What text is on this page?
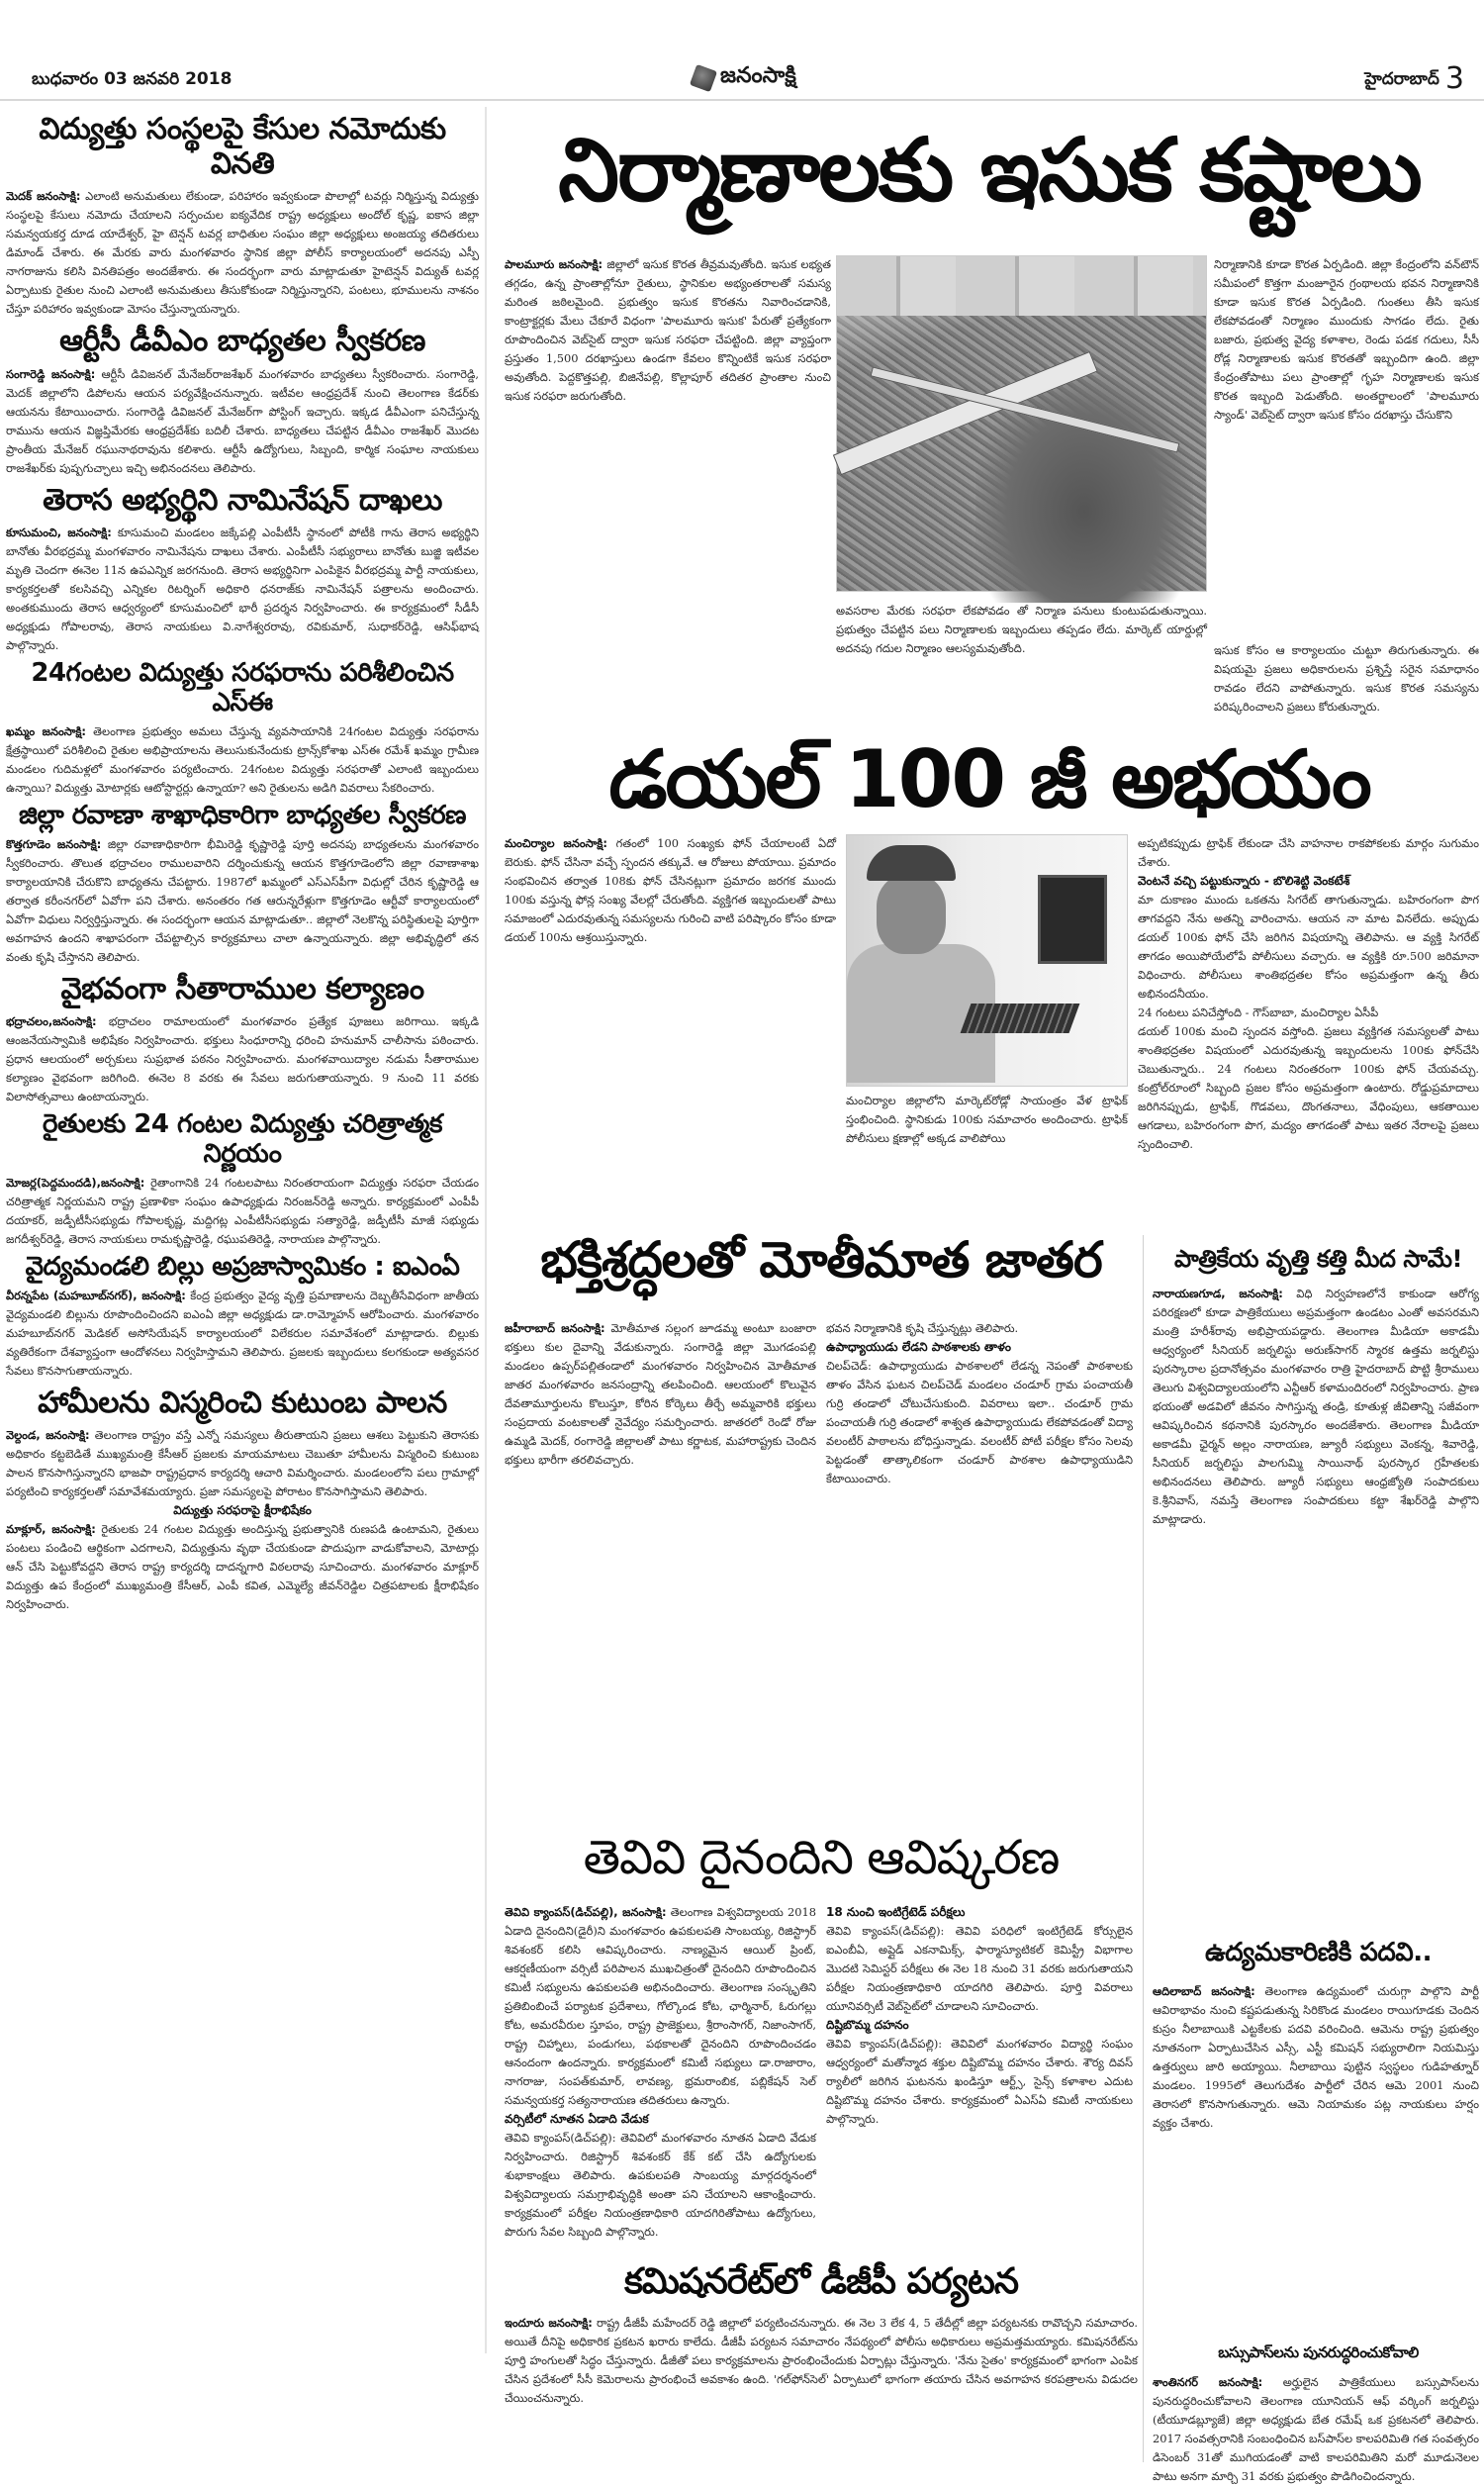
బుధవారం 03 జనవరి 2018	జనంసాక్షి	హైదరాబాద్ 3
విద్యుత్తు సంస్థలపై కేసుల నమోదుకు వినతి

మెదక్ జనంసాక్షి: ఎలాంటి అనుమతులు లేకుండా, పరిహారం ఇవ్వకుండా పొలాల్లో టవర్లు నిర్మిస్తున్న విద్యుత్తు సంస్థలపై కేసులు నమోదు చేయాలని సర్పంచుల ఐక్యవేదిక రాష్ట్ర అధ్యక్షులు అందోల్ కృష్ణ, ఐకాస జిల్లా సమన్వయకర్త దూడ యాదేశ్వర్, హై టెన్షన్ టవర్ల బాధితుల సంఘం జిల్లా అధ్యక్షులు అంజయ్య తదితరులు డిమాండ్ చేశారు. ఈ మేరకు వారు మంగళవారం స్థానిక జిల్లా పోలీస్ కార్యాలయంలో అదనపు ఎస్పీ నాగరాజును కలిసి వినతిపత్రం అందజేశారు. ఈ సందర్భంగా వారు మాట్లాడుతూ హైటెన్షన్ విద్యుత్ టవర్ల ఏర్పాటుకు రైతుల నుంచి ఎలాంటి అనుమతులు తీసుకోకుండా నిర్మిస్తున్నారని, పంటలు, భూములను నాశనం చేస్తూ పరిహారం ఇవ్వకుండా మోసం చేస్తున్నాయన్నారు.

ఆర్టీసీ డీవీఎం బాధ్యతల స్వీకరణ

సంగారెడ్డి జనంసాక్షి: ఆర్టీసీ డివిజనల్ మేనేజర్‌రాజశేఖర్ మంగళవారం బాధ్యతలు స్వీకరించారు. సంగారెడ్డి, మెదక్ జిల్లాలోని డిపోలను ఆయన పర్యవేక్షించనున్నారు. ఇటీవల ఆంధ్రప్రదేశ్ నుంచి తెలంగాణ కేడర్‌కు ఆయనను కేటాయించారు. సంగారెడ్డి డివిజనల్ మేనేజర్‌గా పోస్టింగ్ ఇచ్చారు. ఇక్కడ డీవీఎంగా పనిచేస్తున్న రామును ఆయన విజ్ఞప్తిమేరకు ఆంధ్రప్రదేశ్‌కు బదిలీ చేశారు. బాధ్యతలు చేపట్టిన డీవీఎం రాజశేఖర్ మొదట ప్రాంతీయ మేనేజర్ రఘునాథరావును కలిశారు. ఆర్టీసీ ఉద్యోగులు, సిబ్బంది, కార్మిక సంఘాల నాయకులు రాజశేఖర్‌కు పుష్పగుచ్ఛాలు ఇచ్చి అభినందనలు తెలిపారు.

తెరాస అభ్యర్థిని నామినేషన్ దాఖలు

కూసుమంచి, జనంసాక్షి: కూసుమంచి మండలం జక్కేపల్లి ఎంపీటీసీ స్థానంలో పోటీకి గాను తెరాస అభ్యర్థిని బానోతు వీరభద్రమ్మ మంగళవారం నామినేషను దాఖలు చేశారు. ఎంపీటీసీ సభ్యురాలు బానోతు బుజ్జి ఇటీవల మృతి చెందగా ఈనెల 11న ఉపఎన్నిక జరగనుంది. తెరాస అభ్యర్థినిగా ఎంపికైన వీరభద్రమ్మ పార్టీ నాయకులు, కార్యకర్తలతో కలసివచ్చి ఎన్నికల రిటర్నింగ్ అధికారి ధనరాజ్‌కు నామినేషన్ పత్రాలను అందించారు. అంతకుముందు తెరాస ఆధ్వర్యంలో కూసుమంచిలో భారీ ప్రదర్శన నిర్వహించారు. ఈ కార్యక్రమంలో సీడీసీ అధ్యక్షుడు గోపాలరావు, తెరాస నాయకులు వి.నాగేశ్వరరావు, రవికుమార్, సుధాకర్‌రెడ్డి, ఆసిఫ్‌భాష పాల్గొన్నారు.

24గంటల విద్యుత్తు సరఫరాను పరిశీలించిన ఎస్‌ఈ

ఖమ్మం జనంసాక్షి: తెలంగాణ ప్రభుత్వం అమలు చేస్తున్న వ్యవసాయానికి 24గంటల విద్యుత్తు సరఫరాను క్షేత్రస్థాయిలో పరిశీలించి రైతుల అభిప్రాయాలను తెలుసుకునేందుకు ట్రాన్స్‌కోశాఖ ఎస్‌ఈ రమేశ్ ఖమ్మం గ్రామీణ మండలం గుదిమళ్లలో మంగళవారం పర్యటించారు. 24గంటల విద్యుత్తు సరఫరాతో ఎలాంటి ఇబ్బందులు ఉన్నాయి? విద్యుత్తు మోటార్లకు ఆటోస్టార్టర్లు ఉన్నాయా? అని రైతులను అడిగి వివరాలు సేకరించారు.

జిల్లా రవాణా శాఖాధికారిగా బాధ్యతల స్వీకరణ

కొత్తగూడెం జనంసాక్షి: జిల్లా రవాణాధికారిగా భీమిరెడ్డి కృష్ణారెడ్డి పూర్తి అదనపు బాధ్యతలను మంగళవారం స్వీకరించారు. తొలుత భద్రాచలం రాములవారిని దర్శించుకున్న ఆయన కొత్తగూడెంలోని జిల్లా రవాణాశాఖ కార్యాలయానికి చేరుకొని బాధ్యతను చేపట్టారు. 1987లో ఖమ్మంలో ఎస్‌ఎస్‌పీగా విధుల్లో చేరిన కృష్ణారెడ్డి ఆ తర్వాత కరీంనగర్‌లో ఏవోగా పని చేశారు. అనంతరం గత ఆరున్నరేళ్లుగా కొత్తగూడెం ఆర్టీవో కార్యాలయంలో ఏవోగా విధులు నిర్వర్తిస్తున్నారు. ఈ సందర్భంగా ఆయన మాట్లాడుతూ.. జిల్లాలో నెలకొన్న పరిస్థితులపై పూర్తిగా అవగాహన ఉందని శాఖాపరంగా చేపట్టాల్సిన కార్యక్రమాలు చాలా ఉన్నాయన్నారు. జిల్లా అభివృద్ధిలో తన వంతు కృషి చేస్తానని తెలిపారు.

వైభవంగా సీతారాముల కల్యాణం

భద్రాచలం,జనంసాక్షి: భద్రాచలం రామాలయంలో మంగళవారం ప్రత్యేక పూజలు జరిగాయి. ఇక్కడి ఆంజనేయస్వామికి అభిషేకం నిర్వహించారు. భక్తులు సింధూరాన్ని ధరించి హనుమాన్ చాలీసాను పఠించారు. ప్రధాన ఆలయంలో అర్చకులు సుప్రభాత పఠనం నిర్వహించారు. మంగళవాయిద్యాల నడుమ సీతారాముల కల్యాణం వైభవంగా జరిగింది. ఈనెల 8 వరకు ఈ సేవలు జరుగుతాయన్నారు. 9 నుంచి 11 వరకు విలాసోత్సవాలు ఉంటాయన్నారు.

రైతులకు 24 గంటల విద్యుత్తు చరిత్రాత్మక నిర్ణయం

మోజర్ల(పెద్దమందడి),జనంసాక్షి: రైతాంగానికి 24 గంటలపాటు నిరంతరాయంగా విద్యుత్తు సరఫరా చేయడం చరిత్రాత్మక నిర్ణయమని రాష్ట్ర ప్రణాళికా సంఘం ఉపాధ్యక్షుడు నిరంజన్‌రెడ్డి అన్నారు. కార్యక్రమంలో ఎంపీపీ దయాకర్, జడ్పీటీసీసభ్యుడు గోపాలకృష్ణ, మద్దిగట్ల ఎంపీటీసీసభ్యుడు సత్యారెడ్డి, జడ్పీటీసీ మాజీ సభ్యుడు జగదీశ్వర్‌రెడ్డి, తెరాస నాయకులు రామకృష్ణారెడ్డి, రఘుపతిరెడ్డి, నారాయణ పాల్గొన్నారు.

వైద్యమండలి బిల్లు అప్రజాస్వామికం : ఐఎంఏ

వీరన్నపేట (మహబూబ్‌నగర్), జనంసాక్షి: కేంద్ర ప్రభుత్వం వైద్య వృత్తి ప్రమాణాలను దెబ్బతీసేవిధంగా జాతీయ వైద్యమండలి బిల్లును రూపొందించిందని ఐఎంఏ జిల్లా అధ్యక్షుడు డా.రామ్మోహన్ ఆరోపించారు. మంగళవారం మహబూబ్‌నగర్ మెడికల్ అసోసియేషన్ కార్యాలయంలో విలేకరుల సమావేశంలో మాట్లాడారు. బిల్లుకు వ్యతిరేకంగా దేశవ్యాప్తంగా ఆందోళనలు నిర్వహిస్తామని తెలిపారు. ప్రజలకు ఇబ్బందులు కలగకుండా అత్యవసర సేవలు కొనసాగుతాయన్నారు.

హామీలను విస్మరించి కుటుంబ పాలన

వెల్దండ, జనంసాక్షి: తెలంగాణ రాష్ట్రం వస్తే ఎన్నో సమస్యలు తీరుతాయని ప్రజలు ఆశలు పెట్టుకుని తెరాసకు అధికారం కట్టబెడితే ముఖ్యమంత్రి కేసీఆర్ ప్రజలకు మాయమాటలు చెబుతూ హామీలను విస్మరించి కుటుంబ పాలన కొనసాగిస్తున్నారని భాజపా రాష్ట్రప్రధాన కార్యదర్శి ఆచారి విమర్శించారు. మండలంలోని పలు గ్రామాల్లో పర్యటించి కార్యకర్తలతో సమావేశమయ్యారు. ప్రజా సమస్యలపై పోరాటం కొనసాగిస్తామని తెలిపారు.

విద్యుత్తు సరఫరాపై క్షీరాభిషేకం

మాక్లూర్, జనంసాక్షి: రైతులకు 24 గంటల విద్యుత్తు అందిస్తున్న ప్రభుత్వానికి రుణపడి ఉంటామని, రైతులు పంటలు పండించి ఆర్థికంగా ఎదగాలని, విద్యుత్తును వృథా చేయకుండా పొదుపుగా వాడుకోవాలని, మోటార్లు ఆన్ చేసి పెట్టుకోవద్దని తెరాస రాష్ట్ర కార్యదర్శి దాదన్నగారి విఠలరావు సూచించారు. మంగళవారం మాక్లూర్ విద్యుత్తు ఉప కేంద్రంలో ముఖ్యమంత్రి కేసీఆర్, ఎంపీ కవిత, ఎమ్మెల్యే జీవన్‌రెడ్డిల చిత్రపటాలకు క్షీరాభిషేకం నిర్వహించారు.

నిర్మాణాలకు ఇసుక కష్టాలు

పాలమూరు జనంసాక్షి: జిల్లాలో ఇసుక కొరత తీవ్రమవుతోంది. ఇసుక లభ్యత తగ్గడం, ఉన్న ప్రాంతాల్లోనూ రైతులు, స్థానికుల అభ్యంతరాలతో సమస్య మరింత జఠిలమైంది. ప్రభుత్వం ఇసుక కొరతను నివారించడానికి, కాంట్రాక్టర్లకు మేలు చేకూరే విధంగా 'పాలమూరు ఇసుక' పేరుతో ప్రత్యేకంగా రూపొందించిన వెబ్‌సైట్‌ ద్వారా ఇసుక సరఫరా చేపట్టింది. జిల్లా వ్యాప్తంగా ప్రస్తుతం 1,500 దరఖాస్తులు ఉండగా కేవలం కొన్నింటికే ఇసుక సరఫరా అవుతోంది. పెద్దకొత్తపల్లి, బిజినేపల్లి, కొల్లాపూర్ తదితర ప్రాంతాల నుంచి ఇసుక సరఫరా జరుగుతోంది.

నిర్మాణానికి కూడా కొరత ఏర్పడింది. జిల్లా కేంద్రంలోని వన్‌టౌన్ సమీపంలో కొత్తగా మంజూరైన గ్రంథాలయ భవన నిర్మాణానికి కూడా ఇసుక కొరత ఏర్పడింది. గుంతలు తీసి ఇసుక లేకపోవడంతో నిర్మాణం ముందుకు సాగడం లేదు. రైతు బజారు, ప్రభుత్వ వైద్య కళాశాల, రెండు పడక గదులు, సీసీ రోడ్ల నిర్మాణాలకు ఇసుక కొరతతో ఇబ్బందిగా ఉంది. జిల్లా కేంద్రంతోపాటు పలు ప్రాంతాల్లో గృహ నిర్మాణాలకు ఇసుక కొరత ఇబ్బంది పెడుతోంది. అంతర్జాలంలో 'పాలమూరు స్యాండ్' వెబ్‌సైట్ ద్వారా ఇసుక కోసం దరఖాస్తు చేసుకొని

అవసరాల మేరకు సరఫరా లేకపోవడం తో నిర్మాణ పనులు కుంటుపడుతున్నాయి. ప్రభుత్వం చేపట్టిన పలు నిర్మాణాలకు ఇబ్బందులు తప్పడం లేదు. మార్కెట్ యార్డుల్లో అదనపు గదుల నిర్మాణం ఆలస్యమవుతోంది.	ఇసుక కోసం ఆ కార్యాలయం చుట్టూ తిరుగుతున్నారు. ఈ విషయమై ప్రజలు అధికారులను ప్రశ్నిస్తే సరైన సమాధానం రావడం లేదని వాపోతున్నారు. ఇసుక కొరత సమస్యను పరిష్కరించాలని ప్రజలు కోరుతున్నారు.

డయల్ 100 జీ అభయం

మంచిర్యాల జనంసాక్షి: గతంలో 100 సంఖ్యకు ఫోన్ చేయాలంటే ఏదో బెరుకు. ఫోన్ చేసినా వచ్చే స్పందన తక్కువే. ఆ రోజులు పోయాయి. ప్రమాదం సంభవించిన తర్వాత 108కు ఫోన్ చేసినట్లుగా ప్రమాదం జరగక ముందు 100కు వస్తున్న ఫోన్ల సంఖ్య వేలల్లో చేరుతోంది. వ్యక్తిగత ఇబ్బందులతో పాటు సమాజంలో ఎదురవుతున్న సమస్యలను గురించి వాటి పరిష్కారం కోసం కూడా డయల్ 100ను ఆశ్రయిస్తున్నారు.

మంచిర్యాల జిల్లాలోని మార్కెట్‌రోడ్లో సాయంత్రం వేళ ట్రాఫిక్ స్తంభించింది. స్థానికుడు 100కు సమాచారం అందించారు. ట్రాఫిక్ పోలీసులు క్షణాల్లో అక్కడ వాలిపోయి

అప్పటికప్పుడు ట్రాఫిక్ లేకుండా చేసి వాహనాల రాకపోకలకు మార్గం సుగుమం చేశారు.

వెంటనే వచ్చి పట్టుకున్నారు - బొలిశెట్టి వెంకటేశ్

మా దుకాణం ముందు ఒకతను సిగరేట్ తాగుతున్నాడు. బహిరంగంగా పొగ తాగవద్దని నేను అతన్ని వారించాను. ఆయన నా మాట వినలేదు. అప్పుడు డయల్ 100కు ఫోన్ చేసి జరిగిన విషయాన్ని తెలిపాను. ఆ వ్యక్తి సిగరేట్ తాగడం అయిపోయేలోపే పోలీసులు వచ్చారు. ఆ వ్యక్తికి రూ.500 జరిమానా విధించారు. పోలీసులు శాంతిభద్రతల కోసం అప్రమత్తంగా ఉన్న తీరు అభినందనీయం.

24 గంటలు పనిచేస్తోంది - గౌస్‌బాబా, మంచిర్యాల ఏసీపీ

డయల్ 100కు మంచి స్పందన వస్తోంది. ప్రజలు వ్యక్తిగత సమస్యలతో పాటు శాంతిభద్రతల విషయంలో ఎదురవుతున్న ఇబ్బందులను 100కు ఫోన్‌చేసి చెబుతున్నారు.. 24 గంటలు నిరంతరంగా 100కు ఫోన్ చేయవచ్చు. కంట్రోల్‌రూంలో సిబ్బంది ప్రజల కోసం అప్రమత్తంగా ఉంటారు. రోడ్డుప్రమాదాలు జరిగినప్పుడు, ట్రాఫిక్, గొడవలు, దొంగతనాలు, వేధింపులు, ఆకతాయిల ఆగడాలు, బహిరంగంగా పొగ, మద్యం తాగడంతో పాటు ఇతర నేరాలపై ప్రజలు స్పందించాలి.

భక్తిశ్రద్ధలతో మోతీమాత జాతర

జహీరాబాద్ జనంసాక్షి: మోతీమాత సల్లంగ జూడమ్మ అంటూ బంజారా భక్తులు కుల దైవాన్ని వేడుకున్నారు. సంగారెడ్డి జిల్లా మొగడంపల్లి మండలం ఉప్పర్‌పల్లితండాలో మంగళవారం నిర్వహించిన మోతీమాత జాతర మంగళవారం జనసంద్రాన్ని తలపించింది. ఆలయంలో కొలువైన దేవతామూర్తులను కొలుస్తూ, కోరిన కోర్కెలు తీర్చే అమ్మవారికి భక్తులు సంప్రదాయ వంటకాలతో నైవేద్యం సమర్పించారు. జాతరలో రెండో రోజు ఉమ్మడి మెదక్, రంగారెడ్డి జిల్లాలతో పాటు కర్ణాటక, మహారాష్ట్రకు చెందిన భక్తులు భారీగా తరలివచ్చారు.

భవన నిర్మాణానికి కృషి చేస్తున్నట్లు తెలిపారు.

ఉపాధ్యాయుడు లేడని పాఠశాలకు తాళం

చిలప్‌చెడ్: ఉపాధ్యాయుడు పాఠశాలలో లేడన్న నెపంతో పాఠశాలకు తాళం వేసిన ఘటన చిలప్‌చెడ్ మండలం చండూర్ గ్రామ పంచాయతీ గుర్రి తండాలో చోటుచేసుకుంది. వివరాలు ఇలా.. చండూర్ గ్రామ పంచాయతీ గుర్రి తండాలో శాశ్వత ఉపాధ్యాయుడు లేకపోవడంతో విద్యా వలంటీర్ పాఠాలను బోధిస్తున్నాడు. వలంటీర్ పోటీ పరీక్షల కోసం సెలవు పెట్టడంతో తాత్కాలికంగా చండూర్ పాఠశాల ఉపాధ్యాయుడిని కేటాయించారు.

పాత్రికేయ వృత్తి కత్తి మీద సామే!

నారాయణగూడ, జనంసాక్షి: విధి నిర్వహణలోనే కాకుండా ఆరోగ్య పరిరక్షణలో కూడా పాత్రికేయులు అప్రమత్తంగా ఉండటం ఎంతో అవసరమని మంత్రి హరీశ్‌రావు అభిప్రాయపడ్డారు. తెలంగాణ మీడియా అకాడమీ ఆధ్వర్యంలో సీనియర్ జర్నలిస్టు అరుణ్‌సాగర్ స్మారక ఉత్తమ జర్నలిస్టు పురస్కారాల ప్రదానోత్సవం మంగళవారం రాత్రి హైదరాబాద్ పొట్టి శ్రీరాములు తెలుగు విశ్వవిద్యాలయంలోని ఎన్టీఆర్ కళామందిరంలో నిర్వహించారు. ప్రాణ భయంతో అడవిలో జీవనం సాగిస్తున్న తండ్రి, కూతుళ్ల జీవితాన్ని సజీవంగా ఆవిష్కరించిన కథనానికి పురస్కారం అందజేశారు. తెలంగాణ మీడియా అకాడమీ ఛైర్మన్ అల్లం నారాయణ, జ్యూరీ సభ్యులు వెంకన్న, శివారెడ్డి, సీనియర్ జర్నలిస్టు పాలగుమ్మి సాయినాథ్ పురస్కార గ్రహీతలకు అభినందనలు తెలిపారు. జ్యూరీ సభ్యులు ఆంధ్రజ్యోతి సంపాదకులు కె.శ్రీనివాస్, నమస్తే తెలంగాణ సంపాదకులు కట్టా శేఖర్‌రెడ్డి పాల్గొని మాట్లాడారు.

ఉద్యమకారిణికి పదవి..

ఆదిలాబాద్ జనంసాక్షి: తెలంగాణ ఉద్యమంలో చురుగ్గా పాల్గొని పార్టీ ఆవిరాభావం నుంచి కష్టపడుతున్న సిరికొండ మండలం రాయిగూడకు చెందిన కుస్రం నీలాబాయికి ఎట్టకేలకు పదవి వరించింది. ఆమెను రాష్ట్ర ప్రభుత్వం నూతనంగా ఏర్పాటుచేసిన ఎస్సీ, ఎస్టీ కమిషన్ సభ్యురాలిగా నియమిస్తు ఉత్తర్వులు జారి అయ్యాయి. నీలాబాయి పుట్టిన స్వస్థలం గుడిహత్నూర్ మండలం. 1995లో తెలుగుదేశం పార్టీలో చేరిన ఆమె 2001 నుంచి తెరాసలో కొనసాగుతున్నారు. ఆమె నియామకం పట్ల నాయకులు హర్షం వ్యక్తం చేశారు.

తెవివి దైనందిని ఆవిష్కరణ

తెవివి క్యాంపస్(డిచ్‌పల్లి), జనంసాక్షి: తెలంగాణ విశ్వవిద్యాలయ 2018 ఏడాది దైనందిని(డైరీ)ని మంగళవారం ఉపకులపతి సాంబయ్య, రిజిస్ట్రార్ శివశంకర్ కలిసి ఆవిష్కరించారు. నాణ్యమైన ఆయిల్ ప్రింట్, ఆకర్షణీయంగా వర్సిటీ పరిపాలన ముఖచిత్రంతో దైనందిని రూపొందించిన కమిటీ సభ్యులను ఉపకులపతి అభినందించారు. తెలంగాణ సంస్కృతిని ప్రతిబింబించే పర్యాటక ప్రదేశాలు, గోల్కొండ కోట, ఛార్మినార్, ఓరుగల్లు కోట, అమరవీరుల స్తూపం, రాష్ట్ర ప్రాజెక్టులు, శ్రీరాంసాగర్, నిజాంసాగర్, రాష్ట్ర చిహ్నాలు, పండుగలు, పథకాలతో దైనందిని రూపొందించడం ఆనందంగా ఉందన్నారు. కార్యక్రమంలో కమిటీ సభ్యులు డా.రాజారాం, నాగరాజు, సంపత్‌కుమార్, లావణ్య, భ్రమరాంబిక, పబ్లికేషన్ సెల్ సమన్వయకర్త సత్యనారాయణ తదితరులు ఉన్నారు.

వర్సిటీలో నూతన ఏడాది వేడుక

తెవివి క్యాంపస్(డిచ్‌పల్లి): తెవివిలో మంగళవారం నూతన ఏడాది వేడుక నిర్వహించారు. రిజిస్ట్రార్ శివశంకర్ కేక్ కట్ చేసి ఉద్యోగులకు శుభాకాంక్షలు తెలిపారు. ఉపకులపతి సాంబయ్య మార్గదర్శనంలో విశ్వవిద్యాలయ సమగ్రాభివృద్ధికి అంతా పని చేయాలని ఆకాంక్షించారు. కార్యక్రమంలో పరీక్షల నియంత్రణాధికారి యాదగిరితోపాటు ఉద్యోగులు, పొరుగు సేవల సిబ్బంది పాల్గొన్నారు.

18 నుంచి ఇంటిగ్రేటెడ్ పరీక్షలు

తెవివి క్యాంపస్(డిచ్‌పల్లి): తెవివి పరిధిలో ఇంటిగ్రేటెడ్ కోర్సులైన ఐఎంబీఏ, అప్లైడ్ ఎకనామిక్స్, ఫార్మాస్యూటికల్ కెమిస్ట్రీ విభాగాల మొదటి సెమిస్టర్ పరీక్షలు ఈ నెల 18 నుంచి 31 వరకు జరుగుతాయని పరీక్షల నియంత్రణాధికారి యాదగిరి తెలిపారు. పూర్తి వివరాలు యూనివర్సిటీ వెబ్‌సైట్‌లో చూడాలని సూచించారు.

దిష్టిబొమ్మ దహనం

తెవివి క్యాంపస్(డిచ్‌పల్లి): తెవివిలో మంగళవారం విద్యార్థి సంఘం ఆధ్వర్యంలో మతోన్మాద శక్తుల దిష్టిబొమ్మ దహనం చేశారు. శౌర్య దివస్ ర్యాలీలో జరిగిన ఘటనను ఖండిస్తూ ఆర్ట్స్, సైన్స్ కళాశాల ఎదుట దిష్టిబొమ్మ దహనం చేశారు. కార్యక్రమంలో ఏఎస్‌ఏ కమిటీ నాయకులు పాల్గొన్నారు.

కమిషనరేట్‌లో డీజీపీ పర్యటన

ఇందూరు జనంసాక్షి: రాష్ట్ర డీజీపీ మహేందర్ రెడ్డి జిల్లాలో పర్యటించనున్నారు. ఈ నెల 3 లేక 4, 5 తేదీల్లో జిల్లా పర్యటనకు రావొచ్చని సమాచారం. అయితే దీనిపై అధికారిక ప్రకటన ఖరారు కాలేదు. డీజీపీ పర్యటన సమాచారం నేపథ్యంలో పోలీసు అధికారులు అప్రమత్తమయ్యారు. కమిషనరేట్‌ను పూర్తి హంగులతో సిద్ధం చేస్తున్నారు. డీజీతో పలు కార్యక్రమాలను ప్రారంభించేందుకు ఏర్పాట్లు చేస్తున్నారు. 'నేను సైతం' కార్యక్రమంలో భాగంగా ఎంపిక చేసిన ప్రదేశంలో సీసీ కెమెరాలను ప్రారంభించే అవకాశం ఉంది. 'గల్‌ఫోన్‌సెల్' ఏర్పాటులో భాగంగా తయారు చేసిన అవగాహన కరపత్రాలను విడుదల చేయించనున్నారు.

బస్సుపాస్‌లను పునరుద్ధరించుకోవాలి

శాంతినగర్ జనంసాక్షి: అర్హులైన పాత్రికేయులు బస్సుపాస్‌లను పునరుద్ధరించుకోవాలని తెలంగాణ యూనియన్ ఆఫ్ వర్కింగ్ జర్నలిస్టు (టీయూడబ్ల్యూజే) జిల్లా అధ్యక్షుడు బేత రమేష్ ఒక ప్రకటనలో తెలిపారు. 2017 సంవత్సరానికి సంబంధించిన బస్‌పాస్‌ల కాలపరిమితి గత సంవత్సరం డిసెంబర్ 31తో ముగియడంతో వాటి కాలపరిమితిని మరో మూడునెలల పాటు అనగా మార్చి 31 వరకు ప్రభుత్వం పొడిగించిందన్నారు.
